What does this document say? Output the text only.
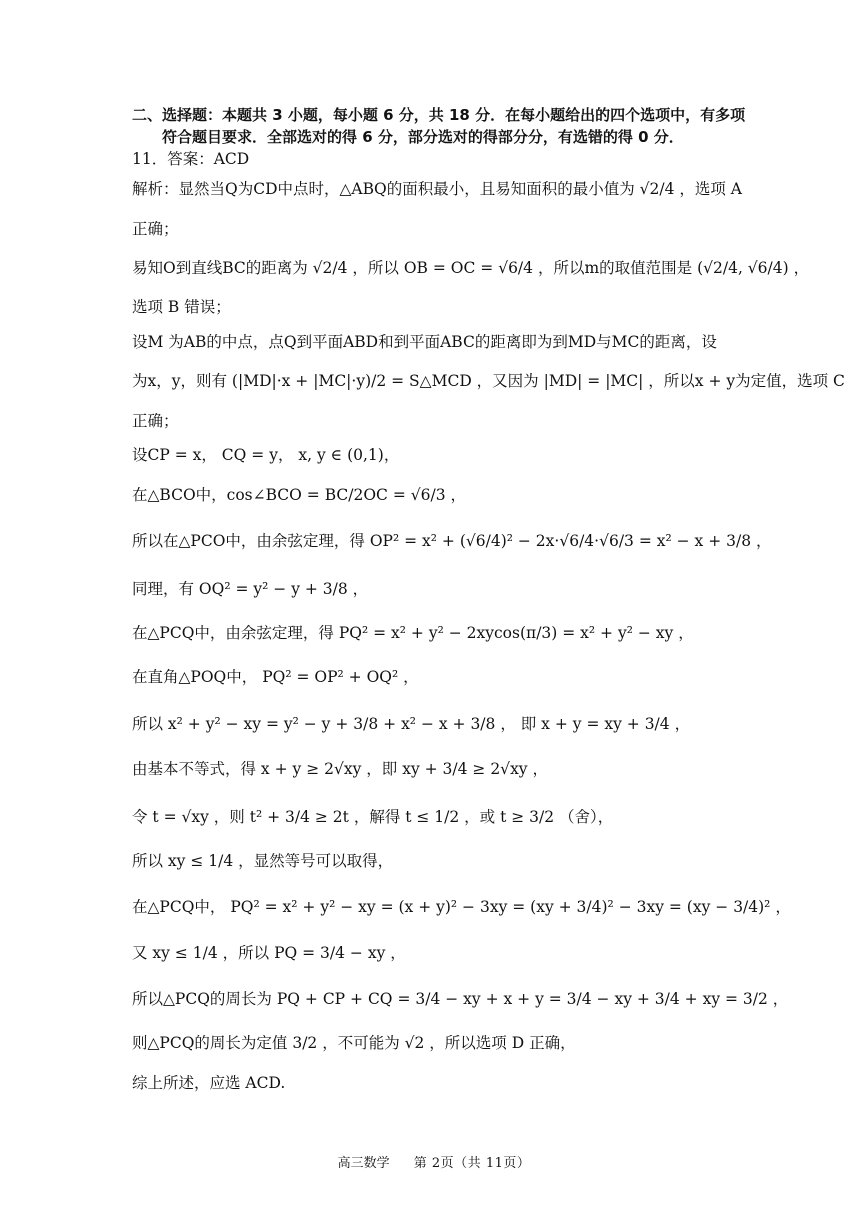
二、选择题：本题共 3 小题，每小题 6 分，共 18 分．在每小题给出的四个选项中，有多项
符合题目要求．全部选对的得 6 分，部分选对的得部分分，有选错的得 0 分．
11．答案：ACD
解析：显然当Q为CD中点时，△ABQ的面积最小，且易知面积的最小值为 √2/4 ，选项 A
正确；
易知O到直线BC的距离为 √2/4 ，所以 OB = OC = √6/4 ，所以m的取值范围是 (√2/4, √6/4) ，
选项 B 错误；
设M 为AB的中点，点Q到平面ABD和到平面ABC的距离即为到MD与MC的距离，设
为x，y，则有 (|MD|·x + |MC|·y)/2 = S△MCD ，又因为 |MD| = |MC| ，所以x + y为定值，选项 C
正确；
设CP = x， CQ = y， x, y ∈ (0,1)，
在△BCO中，cos∠BCO = BC/2OC = √6/3 ，
所以在△PCO中，由余弦定理，得 OP² = x² + (√6/4)² − 2x·√6/4·√6/3 = x² − x + 3/8 ，
同理，有 OQ² = y² − y + 3/8 ，
在△PCQ中，由余弦定理，得 PQ² = x² + y² − 2xycos(π/3) = x² + y² − xy ，
在直角△POQ中， PQ² = OP² + OQ² ，
所以 x² + y² − xy = y² − y + 3/8 + x² − x + 3/8 ， 即 x + y = xy + 3/4 ，
由基本不等式，得 x + y ≥ 2√xy ，即 xy + 3/4 ≥ 2√xy ，
令 t = √xy ，则 t² + 3/4 ≥ 2t ，解得 t ≤ 1/2 ，或 t ≥ 3/2 （舍），
所以 xy ≤ 1/4 ，显然等号可以取得，
在△PCQ中， PQ² = x² + y² − xy = (x + y)² − 3xy = (xy + 3/4)² − 3xy = (xy − 3/4)² ，
又 xy ≤ 1/4 ，所以 PQ = 3/4 − xy ，
所以△PCQ的周长为 PQ + CP + CQ = 3/4 − xy + x + y = 3/4 − xy + 3/4 + xy = 3/2 ，
则△PCQ的周长为定值 3/2 ，不可能为 √2 ，所以选项 D 正确，
综上所述，应选 ACD.
高三数学 第 2页（共 11页）
